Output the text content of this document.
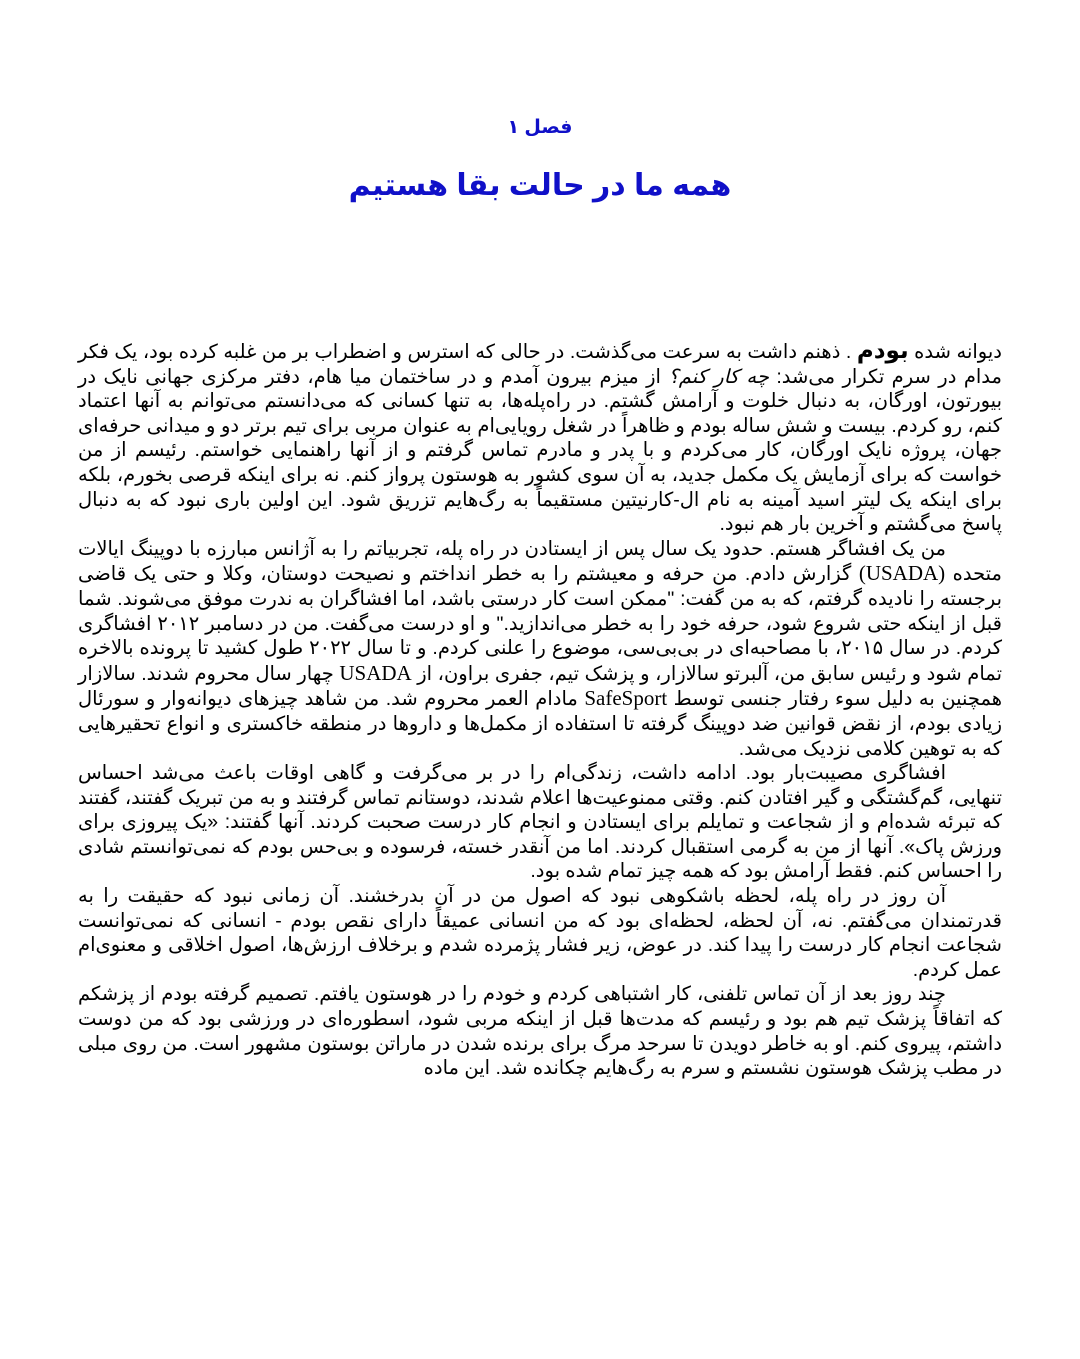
فصل ۱
همه ما در حالت بقا هستیم

دیوانه شده بودم . ذهنم داشت به سرعت می‌گذشت. در حالی که استرس و اضطراب بر من غلبه کرده بود، یک فکر مدام در سرم تکرار می‌شد: چه کار کنم؟ از میزم بیرون آمدم و در ساختمان میا هام، دفتر مرکزی جهانی نایک در بیورتون، اورگان، به دنبال خلوت و آرامش گشتم. در راه‌پله‌ها، به تنها کسانی که می‌دانستم می‌توانم به آنها اعتماد کنم، رو کردم. بیست و شش ساله بودم و ظاهراً در شغل رویایی‌ام به عنوان مربی برای تیم برتر دو و میدانی حرفه‌ای جهان، پروژه نایک اورگان، کار می‌کردم و با پدر و مادرم تماس گرفتم و از آنها راهنمایی خواستم. رئیسم از من خواست که برای آزمایش یک مکمل جدید، به آن سوی کشور به هوستون پرواز کنم. نه برای اینکه قرصی بخورم، بلکه برای اینکه یک لیتر اسید آمینه به نام ال-کارنیتین مستقیماً به رگ‌هایم تزریق شود. این اولین باری نبود که به دنبال پاسخ می‌گشتم و آخرین بار هم نبود.

من یک افشاگر هستم. حدود یک سال پس از ایستادن در راه پله، تجربیاتم را به آژانس مبارزه با دوپینگ ایالات متحده (USADA) گزارش دادم. من حرفه و معیشتم را به خطر انداختم و نصیحت دوستان، وکلا و حتی یک قاضی برجسته را نادیده گرفتم، که به من گفت: "ممکن است کار درستی باشد، اما افشاگران به ندرت موفق می‌شوند. شما قبل از اینکه حتی شروع شود، حرفه خود را به خطر می‌اندازید." و او درست می‌گفت. من در دسامبر ۲۰۱۲ افشاگری کردم. در سال ۲۰۱۵، با مصاحبه‌ای در بی‌بی‌سی، موضوع را علنی کردم. و تا سال ۲۰۲۲ طول کشید تا پرونده بالاخره تمام شود و رئیس سابق من، آلبرتو سالازار، و پزشک تیم، جفری براون، از USADA چهار سال محروم شدند. سالازار همچنین به دلیل سوء رفتار جنسی توسط SafeSport مادام العمر محروم شد. من شاهد چیزهای دیوانه‌وار و سورئال زیادی بودم، از نقض قوانین ضد دوپینگ گرفته تا استفاده از مکمل‌ها و داروها در منطقه خاکستری و انواع تحقیرهایی که به توهین کلامی نزدیک می‌شد.

افشاگری مصیبت‌بار بود. ادامه داشت، زندگی‌ام را در بر می‌گرفت و گاهی اوقات باعث می‌شد احساس تنهایی، گم‌گشتگی و گیر افتادن کنم. وقتی ممنوعیت‌ها اعلام شدند، دوستانم تماس گرفتند و به من تبریک گفتند، گفتند که تبرئه شده‌ام و از شجاعت و تمایلم برای ایستادن و انجام کار درست صحبت کردند. آنها گفتند: «یک پیروزی برای ورزش پاک». آنها از من به گرمی استقبال کردند. اما من آنقدر خسته، فرسوده و بی‌حس بودم که نمی‌توانستم شادی را احساس کنم. فقط آرامش بود که همه چیز تمام شده بود.

آن روز در راه پله، لحظه باشکوهی نبود که اصول من در آن بدرخشند. آن زمانی نبود که حقیقت را به قدرتمندان می‌گفتم. نه، آن لحظه، لحظه‌ای بود که من انسانی عمیقاً دارای نقص بودم - انسانی که نمی‌توانست شجاعت انجام کار درست را پیدا کند. در عوض، زیر فشار پژمرده شدم و برخلاف ارزش‌ها، اصول اخلاقی و معنوی‌ام عمل کردم.

چند روز بعد از آن تماس تلفنی، کار اشتباهی کردم و خودم را در هوستون یافتم. تصمیم گرفته بودم از پزشکم که اتفاقاً پزشک تیم هم بود و رئیسم که مدت‌ها قبل از اینکه مربی شود، اسطوره‌ای در ورزشی بود که من دوست داشتم، پیروی کنم. او به خاطر دویدن تا سرحد مرگ برای برنده شدن در ماراتن بوستون مشهور است. من روی مبلی در مطب پزشک هوستون نشستم و سرم به رگ‌هایم چکانده شد. این ماده
